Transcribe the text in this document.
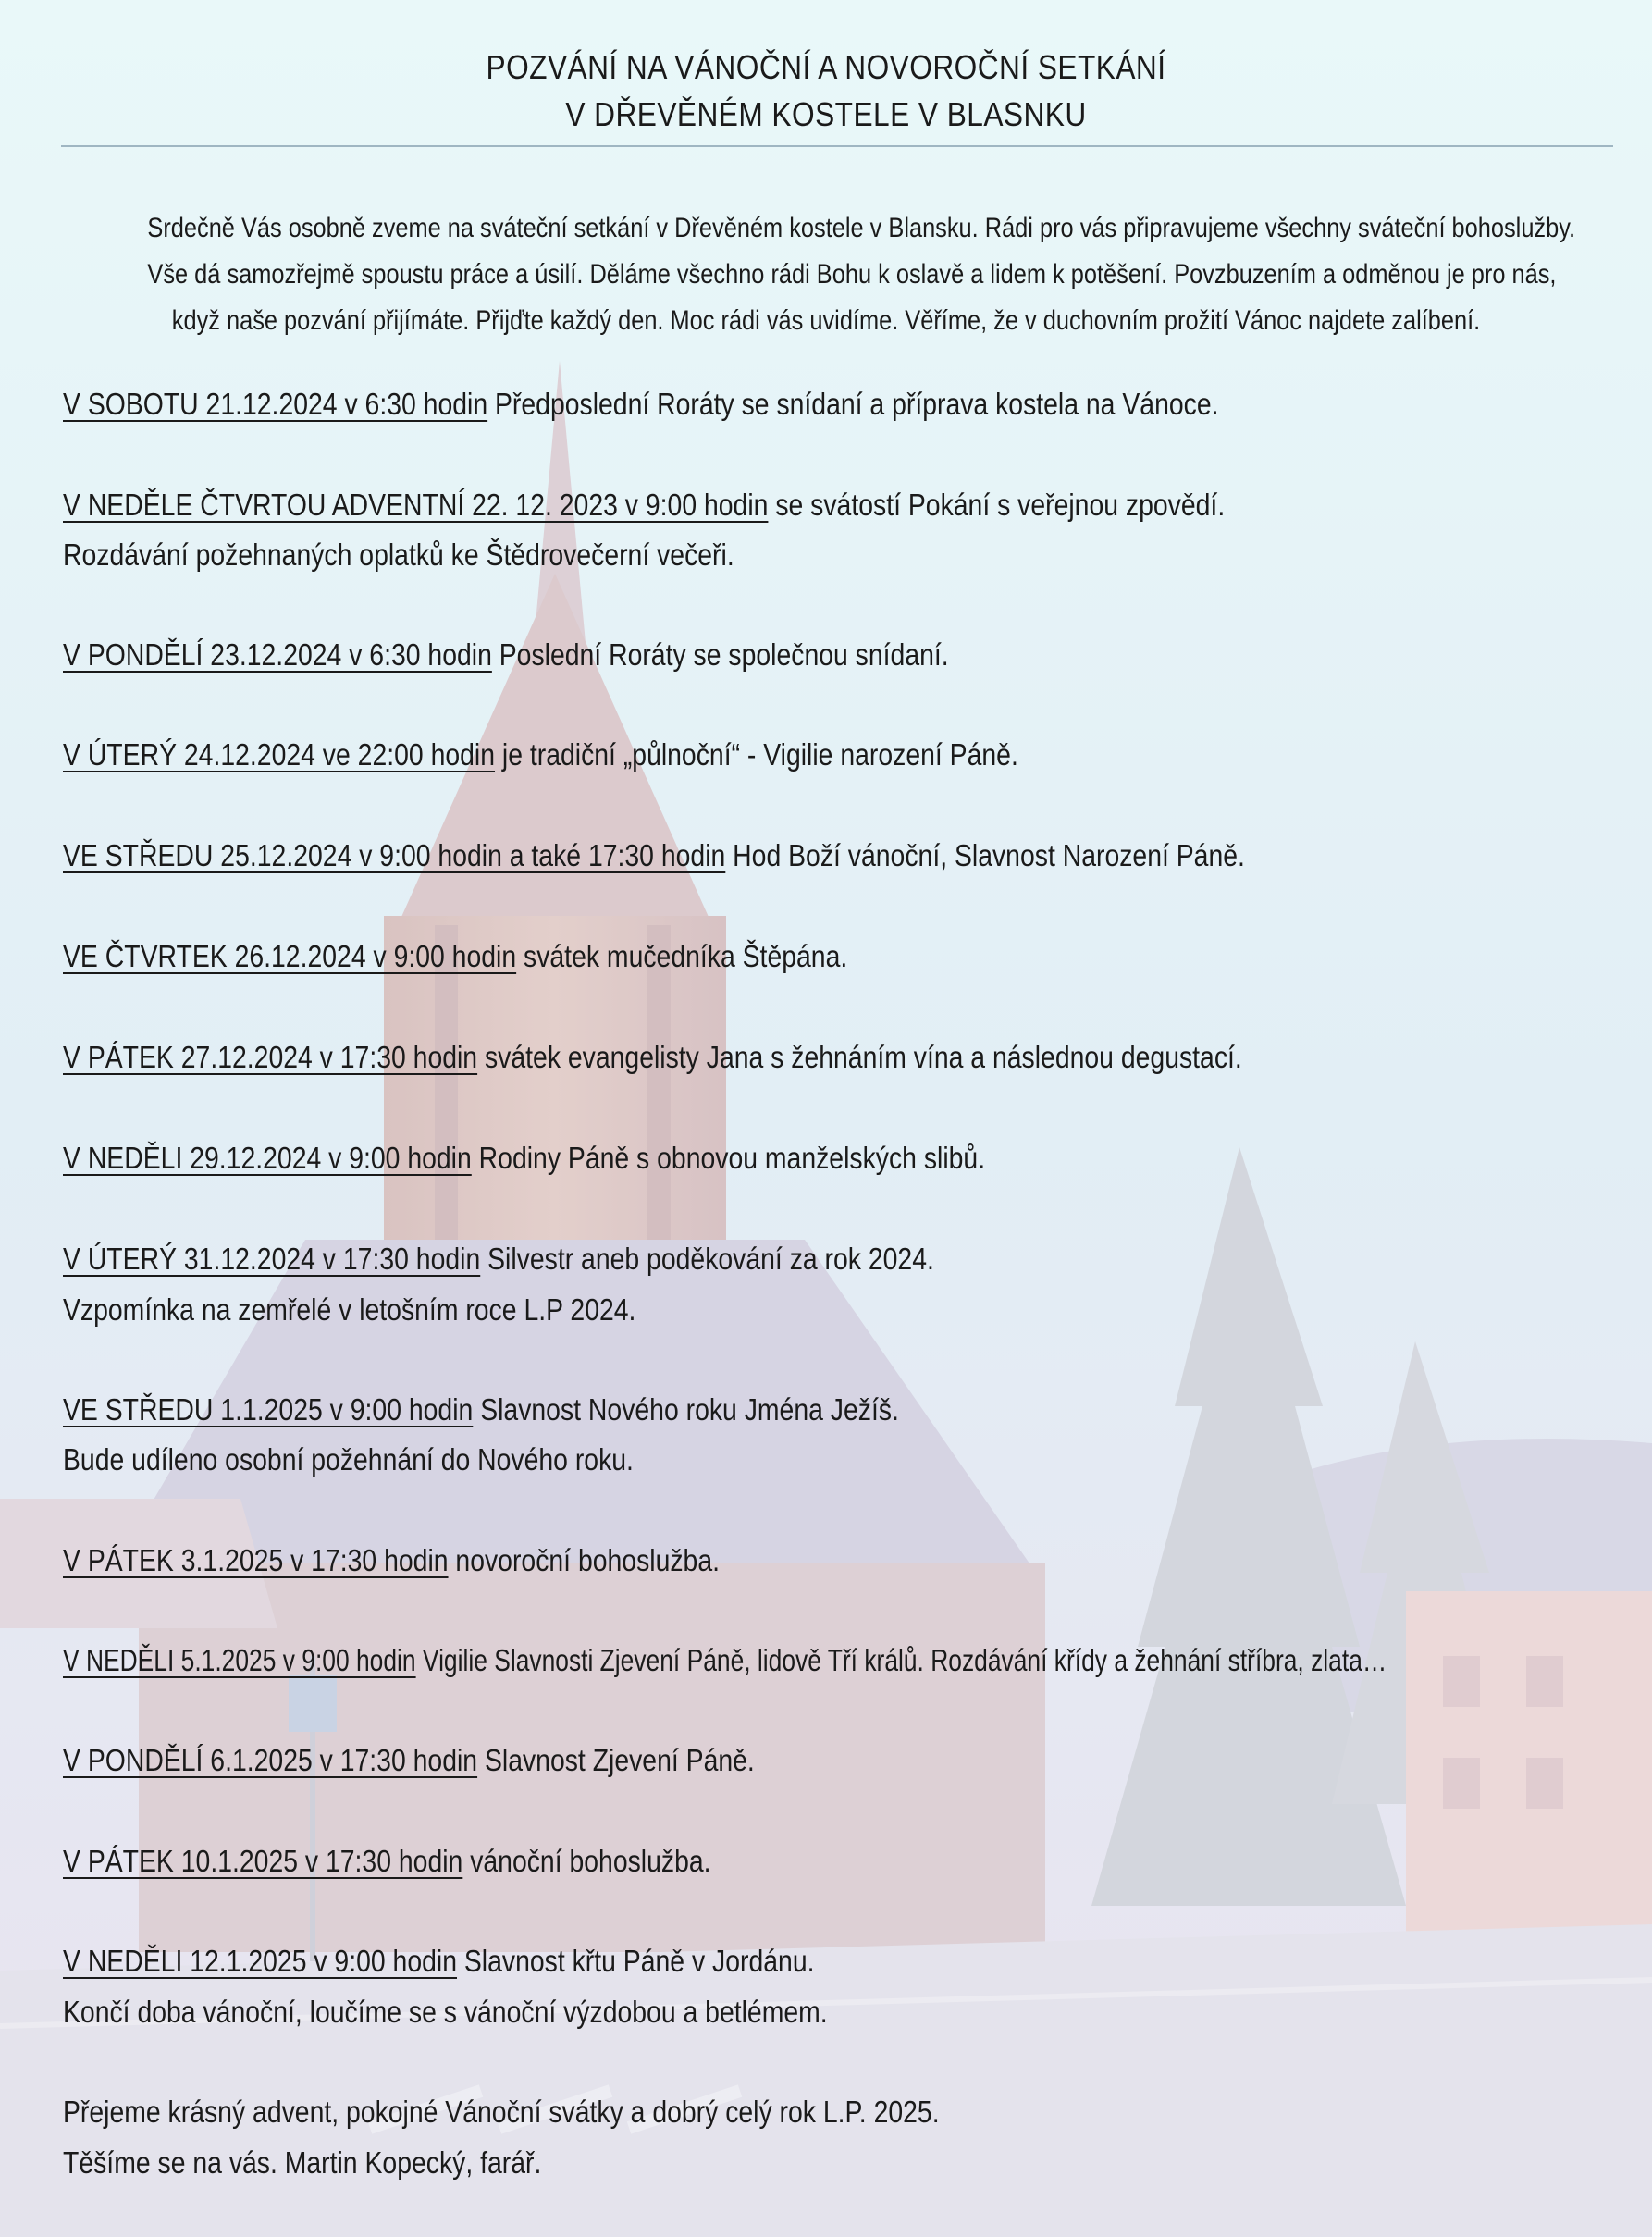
POZVÁNÍ NA VÁNOČNÍ A NOVOROČNÍ SETKÁNÍ
V DŘEVĚNÉM KOSTELE V BLASNKU
Srdečně Vás osobně zveme na sváteční setkání v Dřevěném kostele v Blansku. Rádi pro vás připravujeme všechny sváteční bohoslužby.
Vše dá samozřejmě spoustu práce a úsilí. Děláme všechno rádi Bohu k oslavě a lidem k potěšení. Povzbuzením a odměnou je pro nás,
když naše pozvání přijímáte. Přijďte každý den. Moc rádi vás uvidíme. Věříme, že v duchovním prožití Vánoc najdete zalíbení.
V SOBOTU 21.12.2024 v 6:30 hodin Předposlední Roráty se snídaní a příprava kostela na Vánoce.
V NEDĚLE ČTVRTOU ADVENTNÍ 22. 12. 2023 v 9:00 hodin se svátostí Pokání s veřejnou zpovědí.
Rozdávání požehnaných oplatků ke Štědrovečerní večeři.
V PONDĚLÍ 23.12.2024 v 6:30 hodin Poslední Roráty se společnou snídaní.
V ÚTERÝ 24.12.2024 ve 22:00 hodin je tradiční „půlnoční“ - Vigilie narození Páně.
VE STŘEDU 25.12.2024 v 9:00 hodin a také 17:30 hodin Hod Boží vánoční, Slavnost Narození Páně.
VE ČTVRTEK 26.12.2024 v 9:00 hodin svátek mučedníka Štěpána.
V PÁTEK 27.12.2024 v 17:30 hodin svátek evangelisty Jana s žehnáním vína a následnou degustací.
V NEDĚLI 29.12.2024 v 9:00 hodin Rodiny Páně s obnovou manželských slibů.
V ÚTERÝ 31.12.2024 v 17:30 hodin Silvestr aneb poděkování za rok 2024.
Vzpomínka na zemřelé v letošním roce L.P 2024.
VE STŘEDU 1.1.2025 v 9:00 hodin Slavnost Nového roku Jména Ježíš.
Bude udíleno osobní požehnání do Nového roku.
V PÁTEK 3.1.2025 v 17:30 hodin novoroční bohoslužba.
V NEDĚLI 5.1.2025 v 9:00 hodin Vigilie Slavnosti Zjevení Páně, lidově Tří králů. Rozdávání křídy a žehnání stříbra, zlata…
V PONDĚLÍ 6.1.2025 v 17:30 hodin Slavnost Zjevení Páně.
V PÁTEK 10.1.2025 v 17:30 hodin vánoční bohoslužba.
V NEDĚLI 12.1.2025 v 9:00 hodin Slavnost křtu Páně v Jordánu.
Končí doba vánoční, loučíme se s vánoční výzdobou a betlémem.
Přejeme krásný advent, pokojné Vánoční svátky a dobrý celý rok L.P. 2025.
Těšíme se na vás. Martin Kopecký, farář.
